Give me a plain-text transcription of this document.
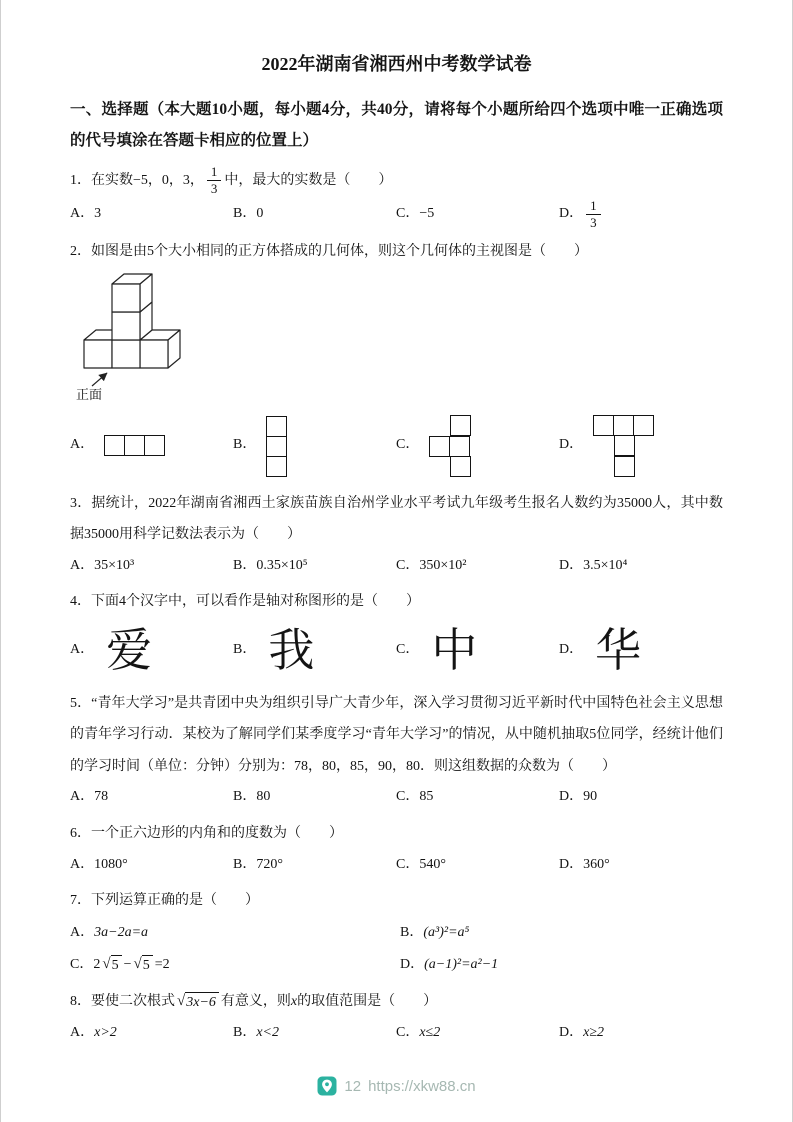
2022年湖南省湘西州中考数学试卷

一、选择题（本大题10小题，每小题4分，共40分，请将每个小题所给四个选项中唯一正确选项的代号填涂在答题卡相应的位置上）

1．在实数−5，0，3， $\frac{1}{3}$ 中，最大的实数是（　　）

A．3	B．0	C．−5	D． $\frac{1}{3}$

2．如图是由5个大小相同的正方体搭成的几何体，则这个几何体的主视图是（　　）

正面
A．	B．	C．	D．

3．据统计，2022年湖南省湘西土家族苗族自治州学业水平考试九年级考生报名人数约为35000人，其中数据35000用科学记数法表示为（　　）

A．35×10³	B．0.35×10⁵	C．350×10²	D．3.5×10⁴

4．下面4个汉字中，可以看作是轴对称图形的是（　　）

A． 爱	B． 我	C． 中	D． 华

5．“青年大学习”是共青团中央为组织引导广大青少年，深入学习贯彻习近平新时代中国特色社会主义思想的青年学习行动．某校为了解同学们某季度学习“青年大学习”的情况，从中随机抽取5位同学，经统计他们的学习时间（单位：分钟）分别为：78，80，85，90，80．则这组数据的众数为（　　）

A．78	B．80	C．85	D．90

6．一个正六边形的内角和的度数为（　　）

A．1080°	B．720°	C．540°	D．360°

7．下列运算正确的是（　　）

A． 3a−2a=a	B． (a³)²=a⁵
C． 2 √ 5 − √ 5 =2	D． (a−1)²=a²−1

8．要使二次根式 √ 3x−6 有意义，则x的取值范围是（　　）

A． x>2	B． x<2	C． x≤2	D． x≥2
12 https://xkw88.cn
